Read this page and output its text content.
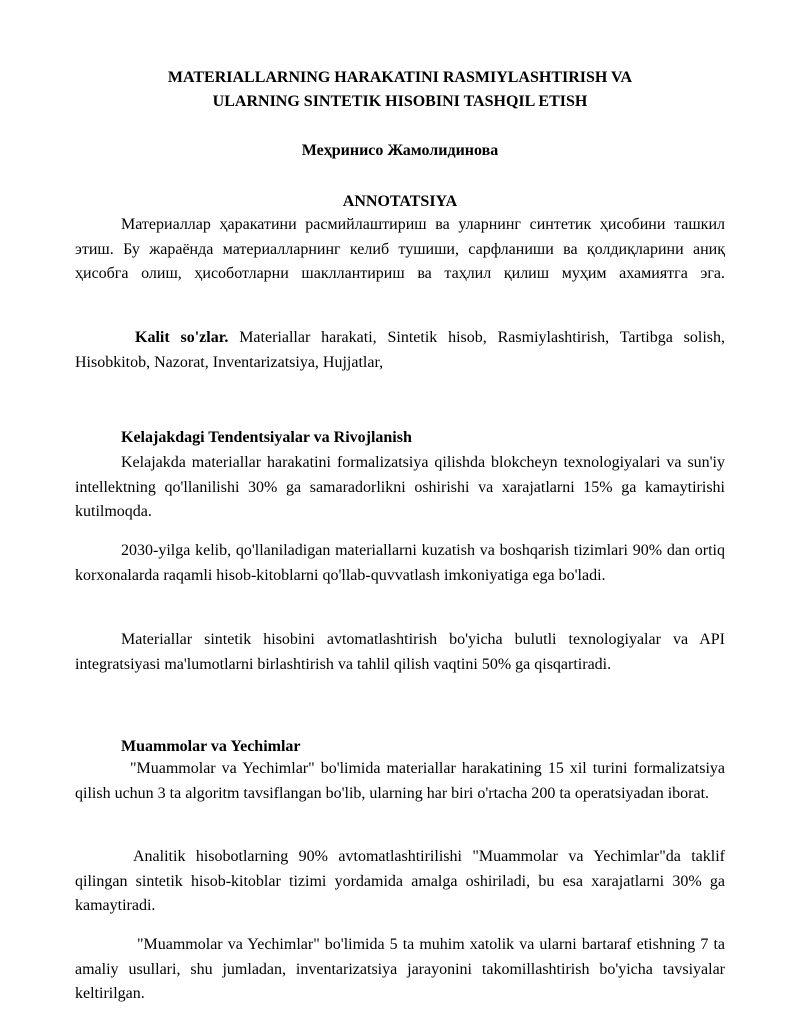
MATERIALLARNING HARAKATINI RASMIYLASHTIRISH VA
ULARNING SINTETIK HISOBINI TASHQIL ETISH
Меҳринисо Жамолидинова
ANNOTATSIYA

Материаллар ҳаракатини расмийлаштириш ва уларнинг синтетик ҳисобини ташкил этиш. Бу жараёнда материалларнинг келиб тушиши, сарфланиши ва қолдиқларини аниқ ҳисобга олиш, ҳисоботларни шакллантириш ва таҳлил қилиш муҳим ахамиятга эга.

Kalit so'zlar. Materiallar harakati, Sintetik hisob, Rasmiylashtirish, Tartibga solish, Hisobkitob, Nazorat, Inventarizatsiya, Hujjatlar,

Kelajakdagi Tendentsiyalar va Rivojlanish

Kelajakda materiallar harakatini formalizatsiya qilishda blokcheyn texnologiyalari va sun'iy intellektning qo'llanilishi 30% ga samaradorlikni oshirishi va xarajatlarni 15% ga kamaytirishi kutilmoqda.

2030-yilga kelib, qo'llaniladigan materiallarni kuzatish va boshqarish tizimlari 90% dan ortiq korxonalarda raqamli hisob-kitoblarni qo'llab-quvvatlash imkoniyatiga ega bo'ladi.

Materiallar sintetik hisobini avtomatlashtirish bo'yicha bulutli texnologiyalar va API integratsiyasi ma'lumotlarni birlashtirish va tahlil qilish vaqtini 50% ga qisqartiradi.

Muammolar va Yechimlar

"Muammolar va Yechimlar" bo'limida materiallar harakatining 15 xil turini formalizatsiya qilish uchun 3 ta algoritm tavsiflangan bo'lib, ularning har biri o'rtacha 200 ta operatsiyadan iborat.

Analitik hisobotlarning 90% avtomatlashtirilishi "Muammolar va Yechimlar"da taklif qilingan sintetik hisob-kitoblar tizimi yordamida amalga oshiriladi, bu esa xarajatlarni 30% ga kamaytiradi.

"Muammolar va Yechimlar" bo'limida 5 ta muhim xatolik va ularni bartaraf etishning 7 ta amaliy usullari, shu jumladan, inventarizatsiya jarayonini takomillashtirish bo'yicha tavsiyalar keltirilgan.
